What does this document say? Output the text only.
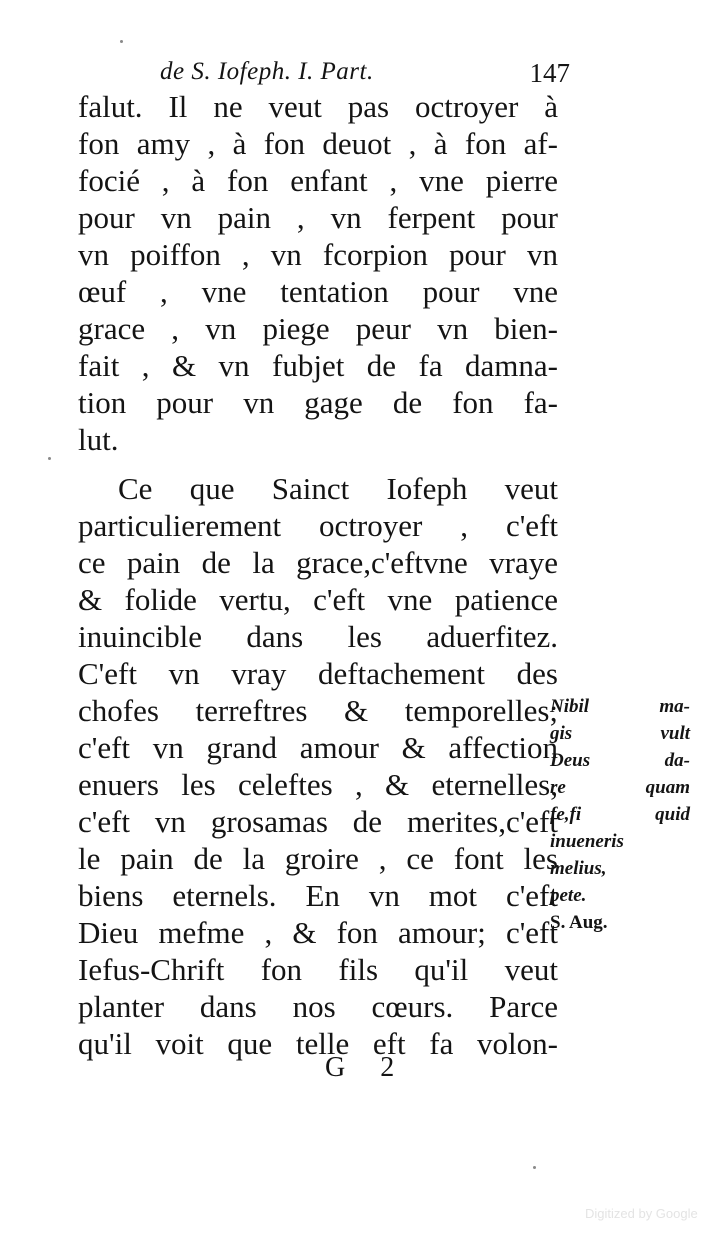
de S. Iofeph. I. Part.	147
falut. Il ne veut pas octroyer à
fon amy , à fon deuot , à fon af-
focié , à fon enfant , vne pierre
pour vn pain , vn ferpent pour
vn poiffon , vn fcorpion pour vn
œuf , vne tentation pour vne
grace , vn piege peur vn bien-
fait , & vn fubjet de fa damna-
tion pour vn gage de fon fa-
lut.
Ce que Sainct Iofeph veut
particulierement octroyer , c'eft
ce pain de la grace,c'eftvne vraye
& folide vertu, c'eft vne patience
inuincible dans les aduerfitez.
C'eft vn vray deftachement des
chofes terreftres & temporelles;
c'eft vn grand amour & affection
enuers les celeftes , & eternelles,
c'eft vn grosamas de merites,c'eft
le pain de la groire , ce font les
biens eternels. En vn mot c'eft
Dieu mefme , & fon amour; c'eft
Iefus-Chrift fon fils qu'il veut
planter dans nos cœurs. Parce
qu'il voit que telle eft fa volon-
Nibil ma-
gis vult
Deus da-
re quam
fe,fi quid
inueneris
melius,
pete.
S. Aug.
G 2
Digitized by Google
